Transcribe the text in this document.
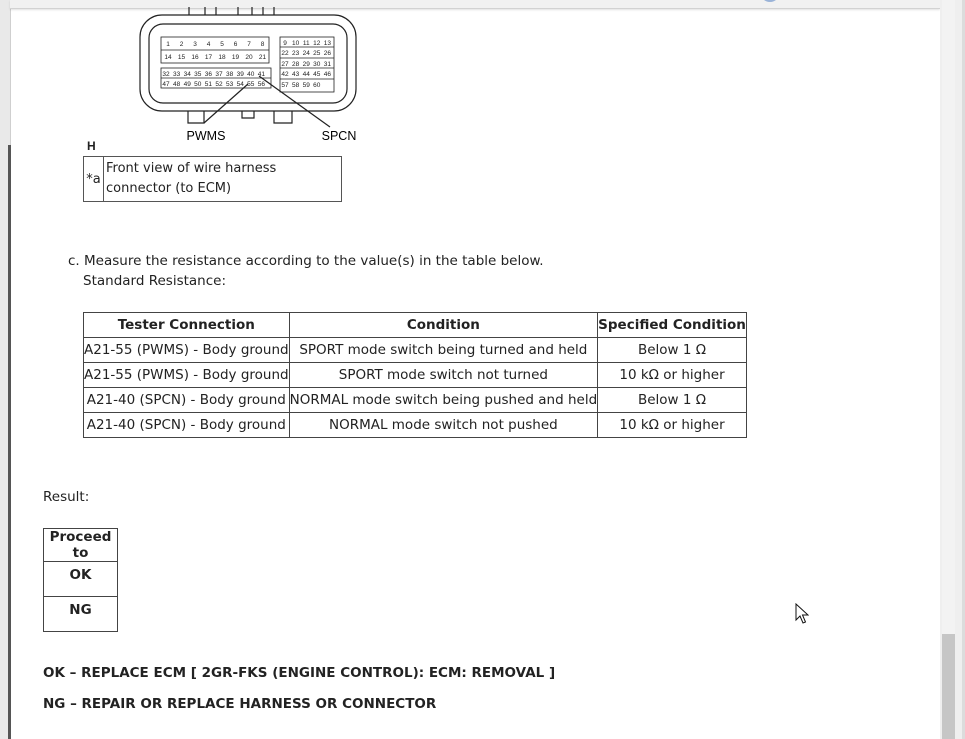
1 2 3 4 5 6 7 8
14 15 16 17 18 19 20 21
32 33 34 35 36 37 38 39 40 41
47 48 49 50 51 52 53 54 55 56
9 10 11 12 13
22 23 24 25 26
27 28 29 30 31
42 43 44 45 46
57 58 59 60
PWMS	SPCN
H
*a	Front view of wire harness connector (to ECM)
c. Measure the resistance according to the value(s) in the table below.
Standard Resistance:
Tester Connection	Condition	Specified Condition
A21-55 (PWMS) - Body ground	SPORT mode switch being turned and held	Below 1 Ω
A21-55 (PWMS) - Body ground	SPORT mode switch not turned	10 kΩ or higher
A21-40 (SPCN) - Body ground	NORMAL mode switch being pushed and held	Below 1 Ω
A21-40 (SPCN) - Body ground	NORMAL mode switch not pushed	10 kΩ or higher
Result:
Proceed to
OK
NG
OK – REPLACE ECM [ 2GR-FKS (ENGINE CONTROL): ECM: REMOVAL ]
NG – REPAIR OR REPLACE HARNESS OR CONNECTOR
